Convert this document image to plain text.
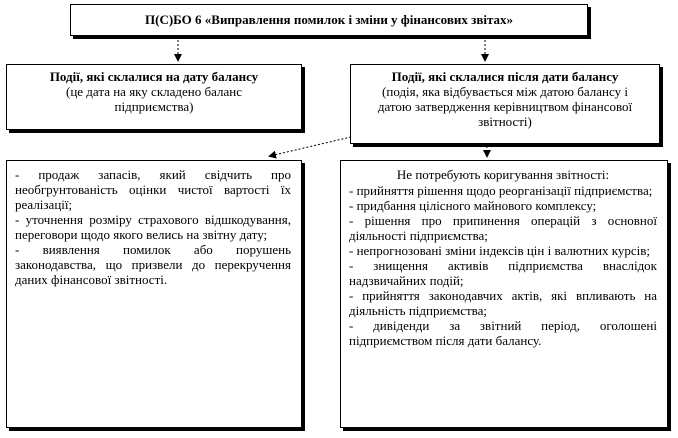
П(С)БО 6 «Виправлення помилок і зміни у фінансових звітах»
Події, які склалися на дату балансу
(це дата на яку складено баланс підприємства)
Події, які склалися після дати балансу
(подія, яка відбувається між датою балансу і датою затвердження керівництвом фінансової звітності)

- продаж запасів, який свідчить про необгрунтованість оцінки чистої вартості їх реалізації;

- уточнення розміру страхового відшкодування, переговори щодо якого велись на звітну дату;

- виявлення помилок або порушень законодавства, що призвели до перекручення даних фінансової звітності.

Не потребують коригування звітності:

- прийняття рішення щодо реорганізації підприємства;

- придбання цілісного майнового комплексу;

- рішення про припинення операцій з основної діяльності підприємства;

- непрогнозовані зміни індексів цін і валютних курсів;

- знищення активів підприємства внаслідок надзвичайних подій;

- прийняття законодавчих актів, які впливають на діяльність підприємства;

- дивіденди за звітний період, оголошені підприємством після дати балансу.
